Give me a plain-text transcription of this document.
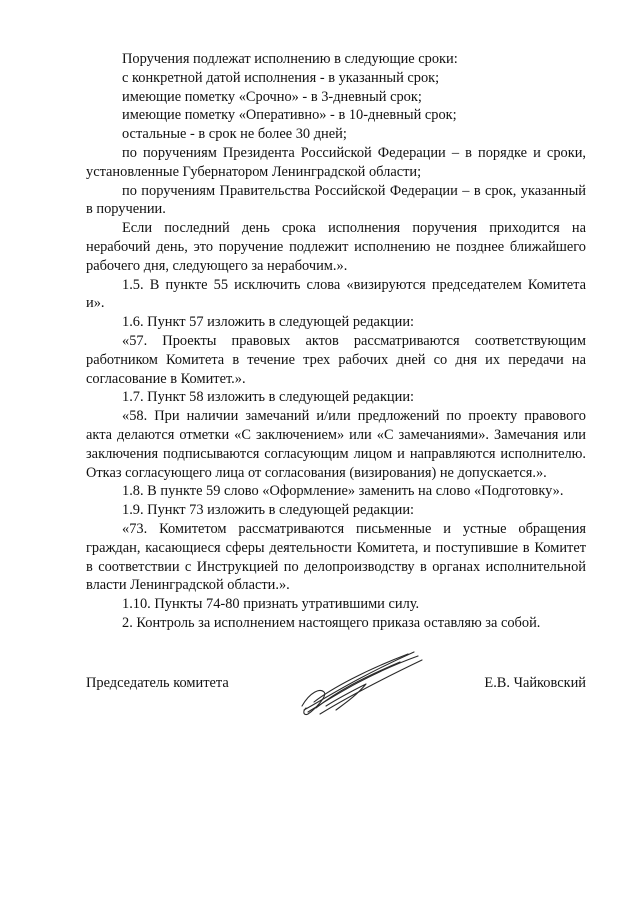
Поручения подлежат исполнению в следующие сроки:

с конкретной датой исполнения - в указанный срок;

имеющие пометку «Срочно» - в 3-дневный срок;

имеющие пометку «Оперативно» - в 10-дневный срок;

остальные - в срок не более 30 дней;

по поручениям Президента Российской Федерации – в порядке и сроки, установленные Губернатором Ленинградской области;

по поручениям Правительства Российской Федерации – в срок, указанный в поручении.

Если последний день срока исполнения поручения приходится на нерабочий день, это поручение подлежит исполнению не позднее ближайшего рабочего дня, следующего за нерабочим.».

1.5. В пункте 55 исключить слова «визируются председателем Комитета и».

1.6. Пункт 57 изложить в следующей редакции:

«57. Проекты правовых актов рассматриваются соответствующим работником Комитета в течение трех рабочих дней со дня их передачи на согласование в Комитет.».

1.7. Пункт 58 изложить в следующей редакции:

«58. При наличии замечаний и/или предложений по проекту правового акта делаются отметки «С заключением» или «С замечаниями». Замечания или заключения подписываются согласующим лицом и направляются исполнителю. Отказ согласующего лица от согласования (визирования) не допускается.».

1.8. В пункте 59 слово «Оформление» заменить на слово «Подготовку».

1.9. Пункт 73 изложить в следующей редакции:

«73. Комитетом рассматриваются письменные и устные обращения граждан, касающиеся сферы деятельности Комитета, и поступившие в Комитет в соответствии с Инструкцией по делопроизводству в органах исполнительной власти Ленинградской области.».

1.10. Пункты 74-80 признать утратившими силу.

2. Контроль за исполнением настоящего приказа оставляю за собой.

Председатель комитета	Е.В. Чайковский
